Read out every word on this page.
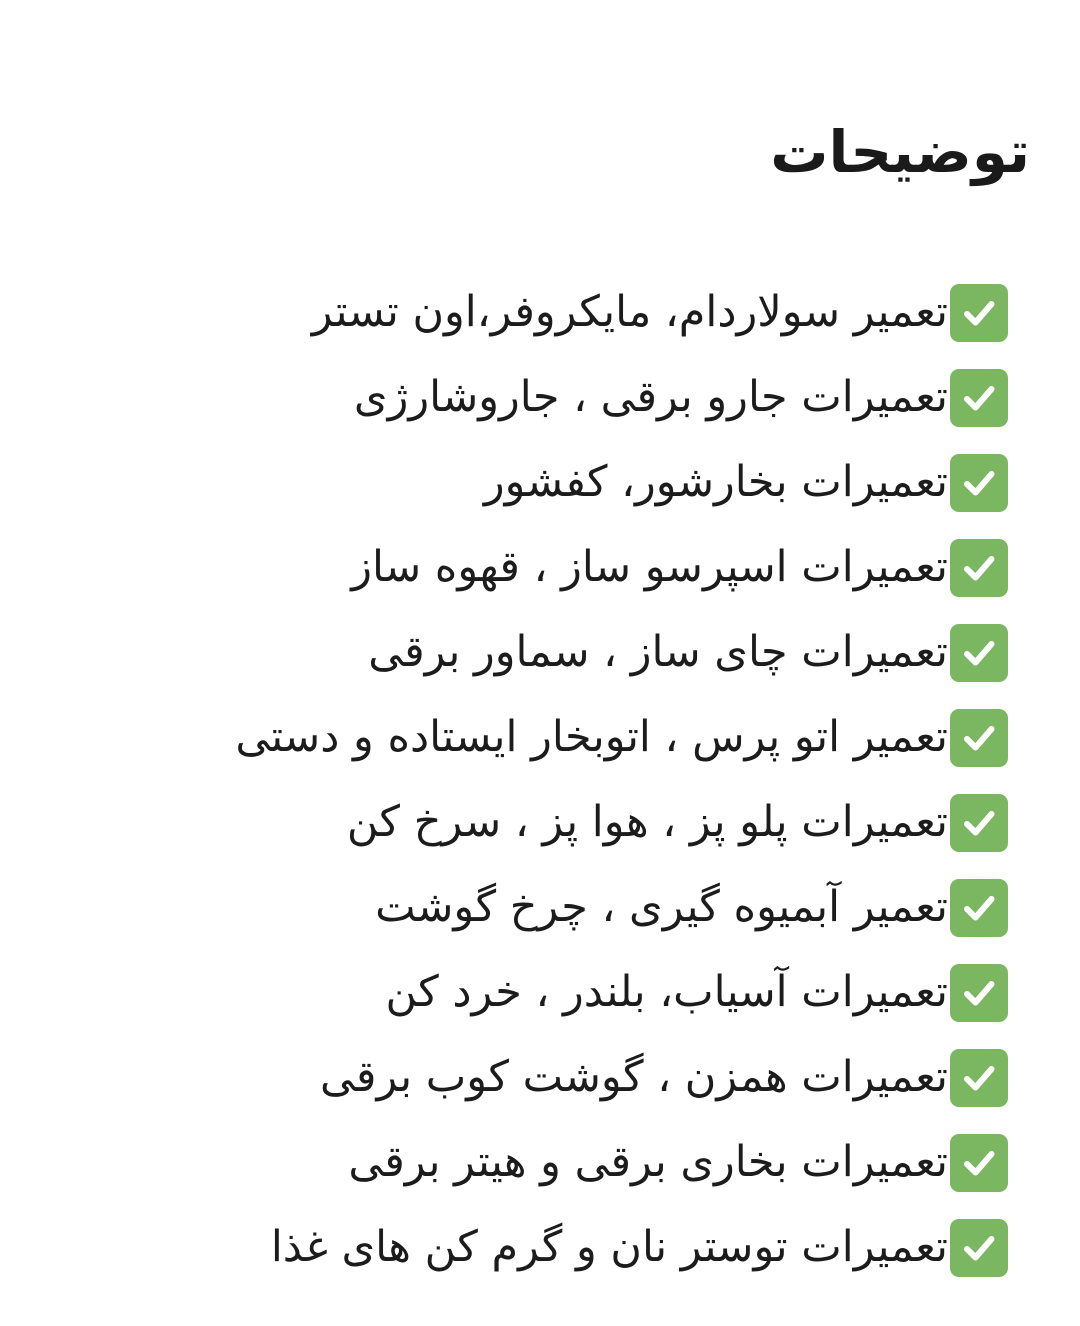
توضیحات
تعمیر سولاردام، مایکروفر،اون تستر
تعمیرات جارو برقی ، جاروشارژی
تعمیرات بخارشور، کفشور
تعمیرات اسپرسو ساز ، قهوه ساز
تعمیرات چای ساز ، سماور برقی
تعمیر اتو پرس ، اتوبخار ایستاده و دستی
تعمیرات پلو پز ، هوا پز ، سرخ کن
تعمیر آبمیوه گیری ، چرخ گوشت
تعمیرات آسیاب، بلندر ، خرد کن
تعمیرات همزن ، گوشت کوب برقی
تعمیرات بخاری برقی و هیتر برقی
تعمیرات توستر نان و گرم کن های غذا
